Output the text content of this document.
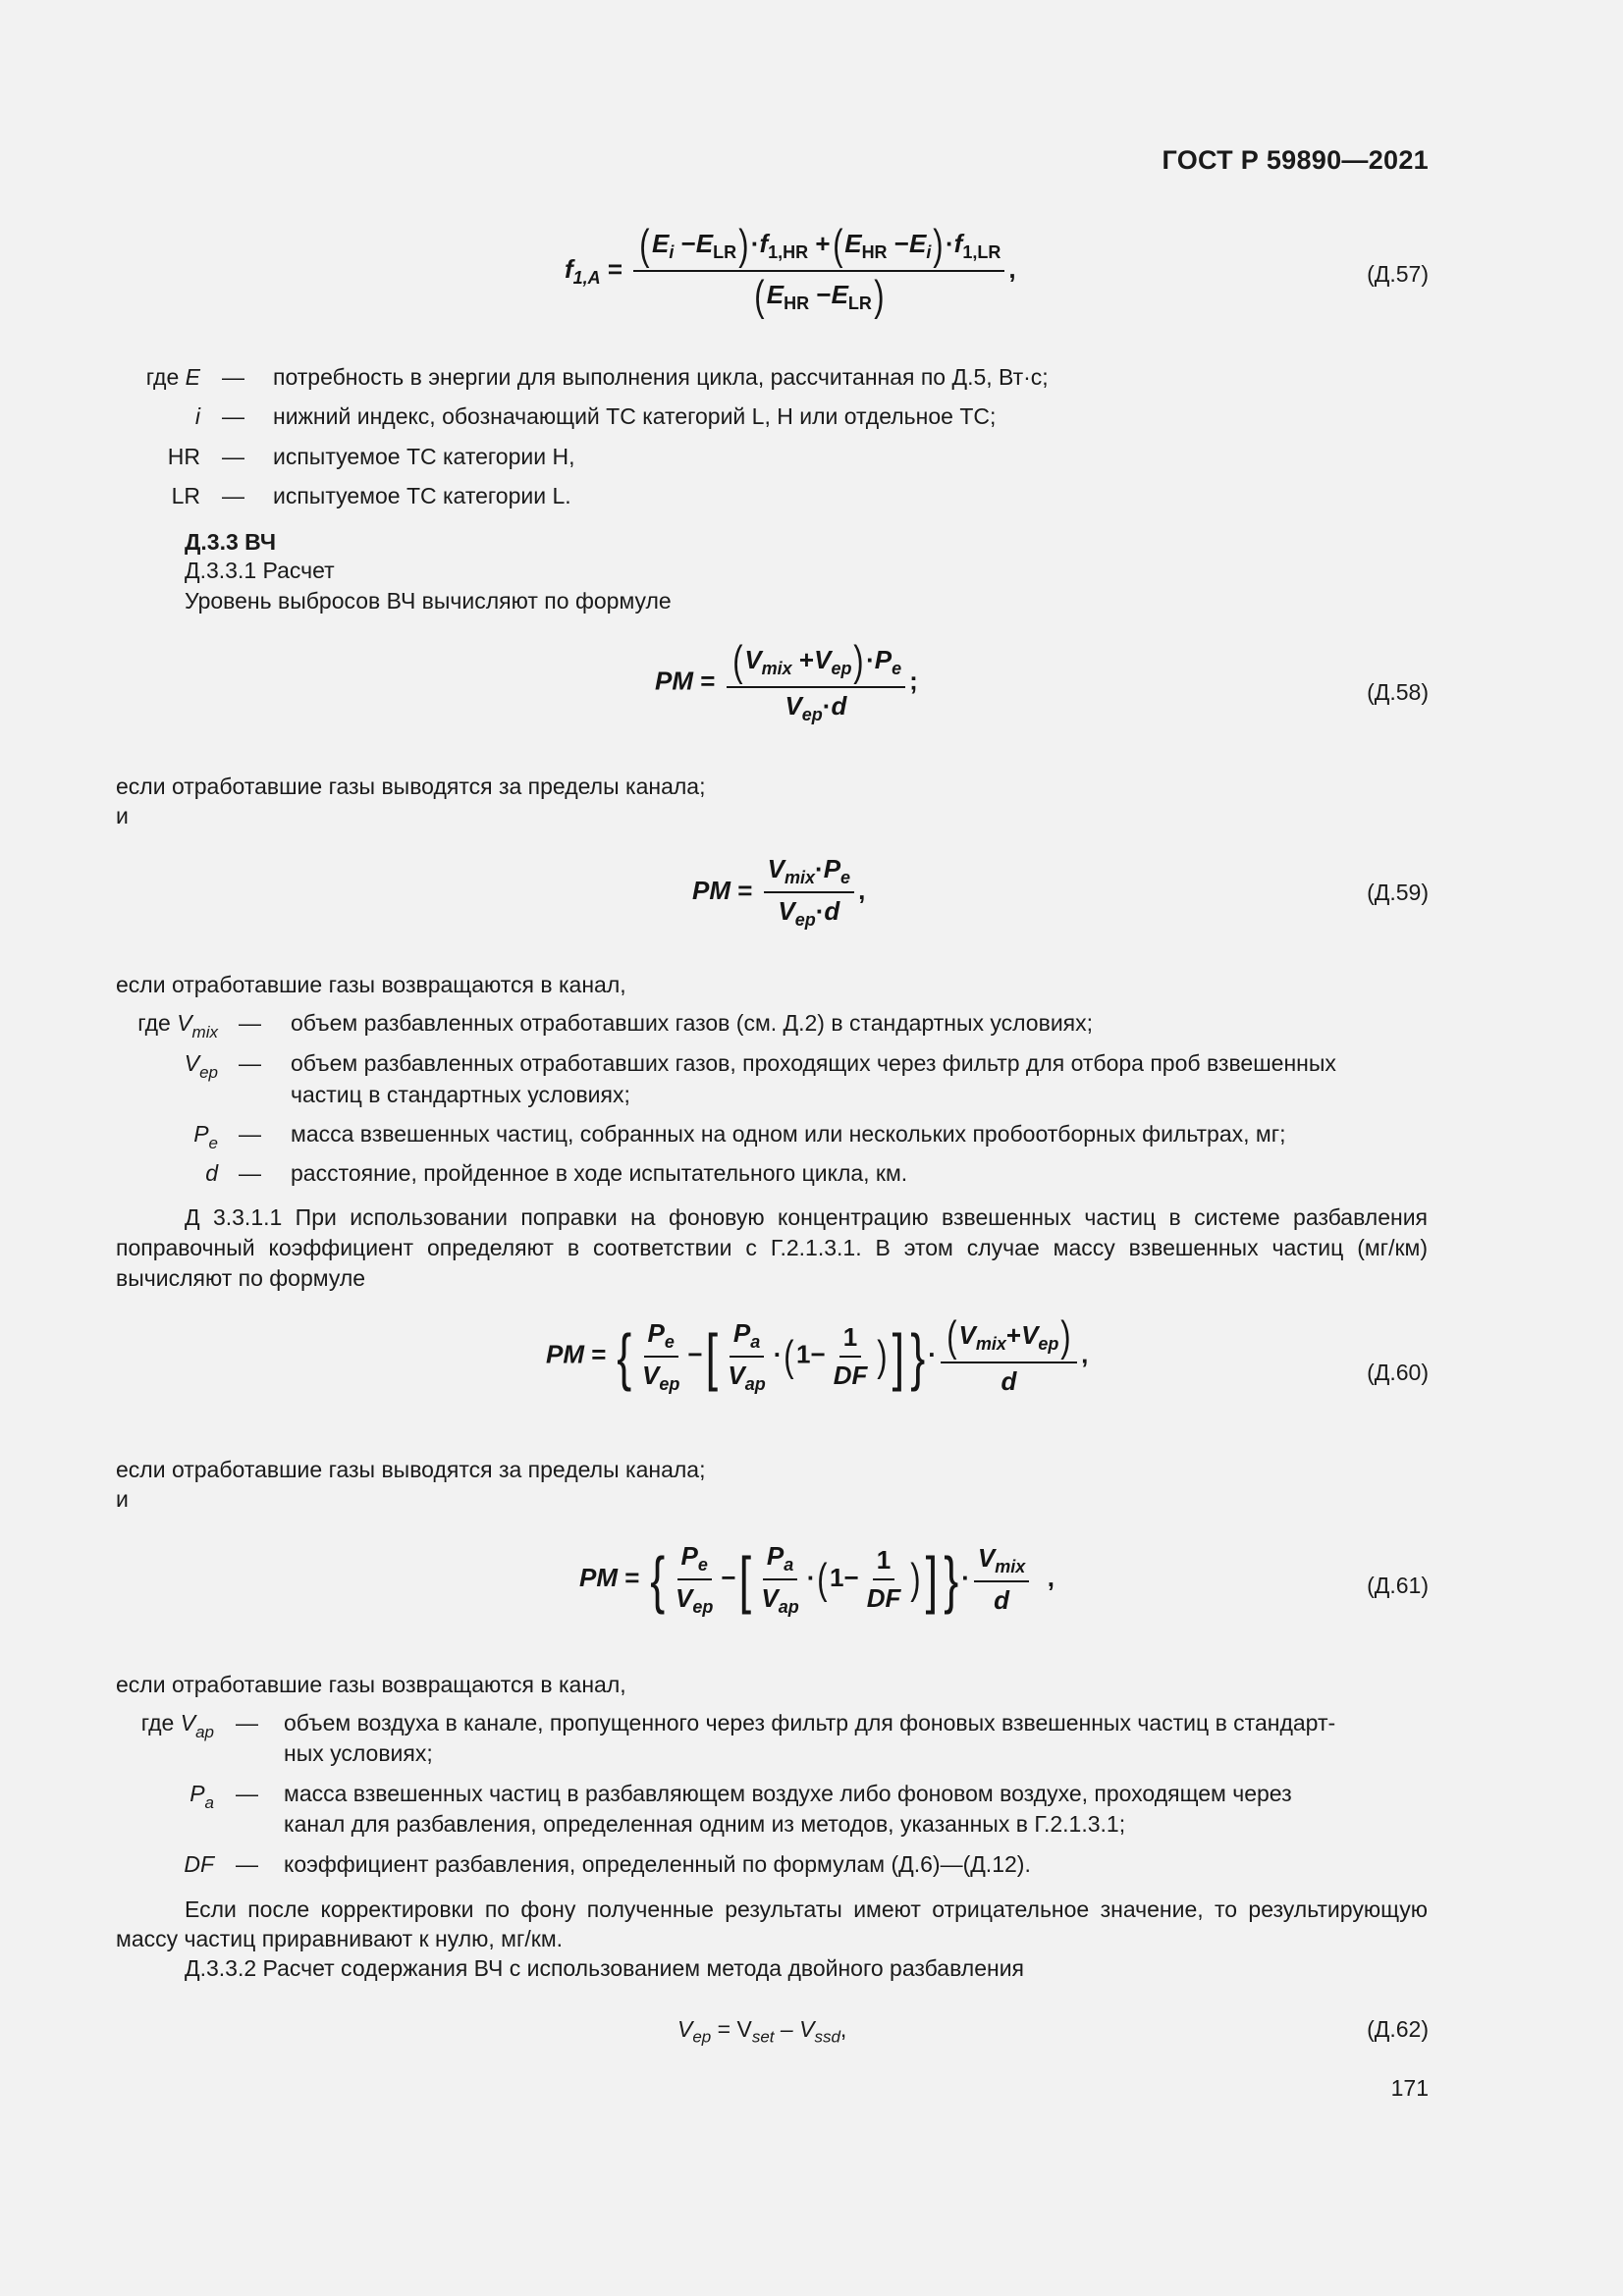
ГОСТ Р 59890—2021
$f_{1,A} = \frac{(E_i -E_{LR})\cdot f_{1,HR} +(E_{HR} -E_i)\cdot f_{1,LR}}{(E_{HR} -E_{LR})}$ ,	(Д.57)
где E — потребность в энергии для выполнения цикла, рассчитанная по Д.5, Вт·с;
i — нижний индекс, обозначающий ТС категорий L, H или отдельное ТС;
HR — испытуемое ТС категории H,
LR — испытуемое ТС категории L.
Д.3.3 ВЧ
Д.3.3.1 Расчет
Уровень выбросов ВЧ вычисляют по формуле
PM = $\frac{(V_{mix} +V_{ep})\cdot P_e}{V_{ep}\cdot d}$ ;	(Д.58)
если отработавшие газы выводятся за пределы канала;
и
PM = $\frac{V_{mix}\cdot P_e}{V_{ep}\cdot d}$ ,	(Д.59)
если отработавшие газы возвращаются в канал,
где $V_{mix}$ — объем разбавленных отработавших газов (см. Д.2) в стандартных условиях;
$V_{ep}$ — объем разбавленных отработавших газов, проходящих через фильтр для отбора проб взвешенных
частиц в стандартных условиях;
$P_e$ — масса взвешенных частиц, собранных на одном или нескольких пробоотборных фильтрах, мг;
d — расстояние, пройденное в ходе испытательного цикла, км.
Д 3.3.1.1 При использовании поправки на фоновую концентрацию взвешенных частиц в системе разбавления поправочный коэффициент определяют в соответствии с Г.2.1.3.1. В этом случае массу взвешенных частиц (мг/км) вычисляют по формуле
PM = { $\frac{P_e}{V_{ep}}$ −[ $\frac{P_a}{V_{ap}} \cdot(1- \frac{1}{DF}$ )]} · $\frac{(V_{mix}+V_{ep})}{d}$ ,
(Д.60)
если отработавшие газы выводятся за пределы канала;
и
PM = { $\frac{P_e}{V_{ep}}$ −[ $\frac{P_a}{V_{ap}} \cdot(1- \frac{1}{DF}$ )]} · $\frac{V_{mix}}{d}$ ,	(Д.61)
если отработавшие газы возвращаются в канал,
где $V_{ap}$ — объем воздуха в канале, пропущенного через фильтр для фоновых взвешенных частиц в стандарт-
ных условиях;
$P_a$ — масса взвешенных частиц в разбавляющем воздухе либо фоновом воздухе, проходящем через
канал для разбавления, определенная одним из методов, указанных в Г.2.1.3.1;
DF — коэффициент разбавления, определенный по формулам (Д.6)—(Д.12).
Если после корректировки по фону полученные результаты имеют отрицательное значение, то результирующую массу частиц приравнивают к нулю, мг/км.
Д.3.3.2 Расчет содержания ВЧ с использованием метода двойного разбавления
$V_{ep} = V_{set} - V_{ssd}$,	(Д.62)
171
